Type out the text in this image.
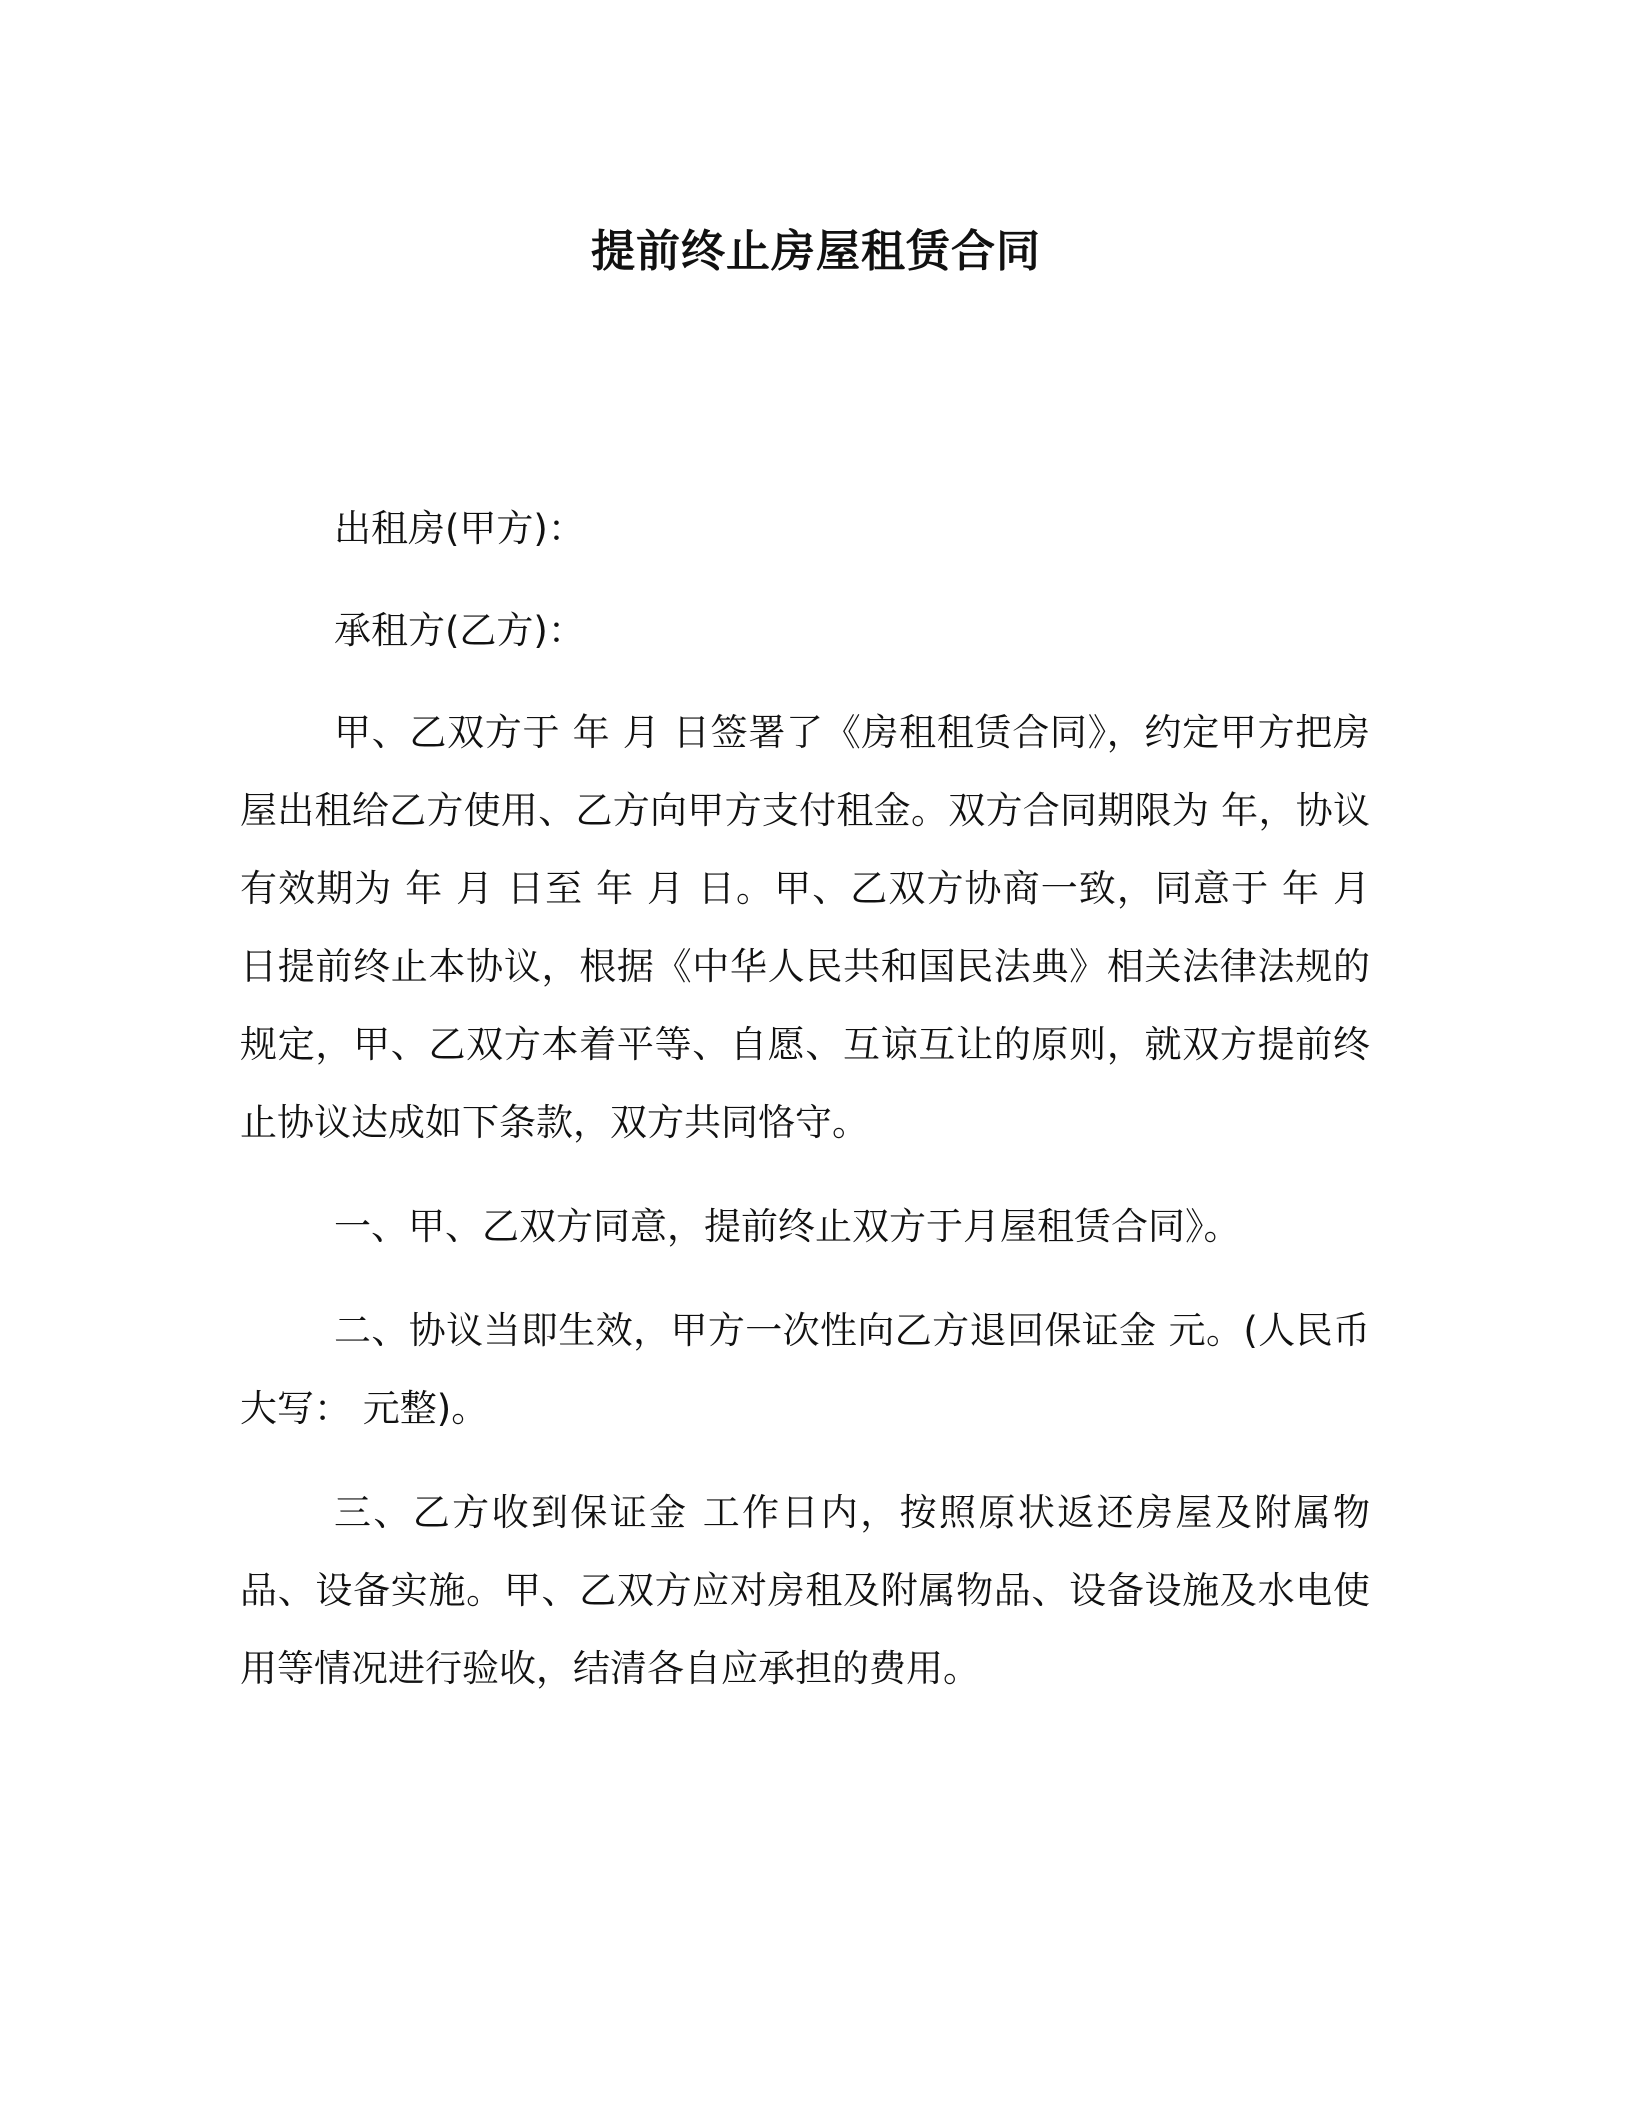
提前终止房屋租赁合同

出租房(甲方)：

承租方(乙方)：

甲、乙双方于 年 月 日签署了《房租租赁合同》，约定甲方把房屋出租给乙方使用、乙方向甲方支付租金。双方合同期限为 年，协议有效期为 年 月 日至 年 月 日。甲、乙双方协商一致，同意于 年 月 日提前终止本协议，根据《中华人民共和国民法典》相关法律法规的规定，甲、乙双方本着平等、自愿、互谅互让的原则，就双方提前终止协议达成如下条款，双方共同恪守。

一、甲、乙双方同意，提前终止双方于月屋租赁合同》。

二、协议当即生效，甲方一次性向乙方退回保证金 元。(人民币大写： 元整)。

三、乙方收到保证金 工作日内，按照原状返还房屋及附属物品、设备实施。甲、乙双方应对房租及附属物品、设备设施及水电使用等情况进行验收，结清各自应承担的费用。
